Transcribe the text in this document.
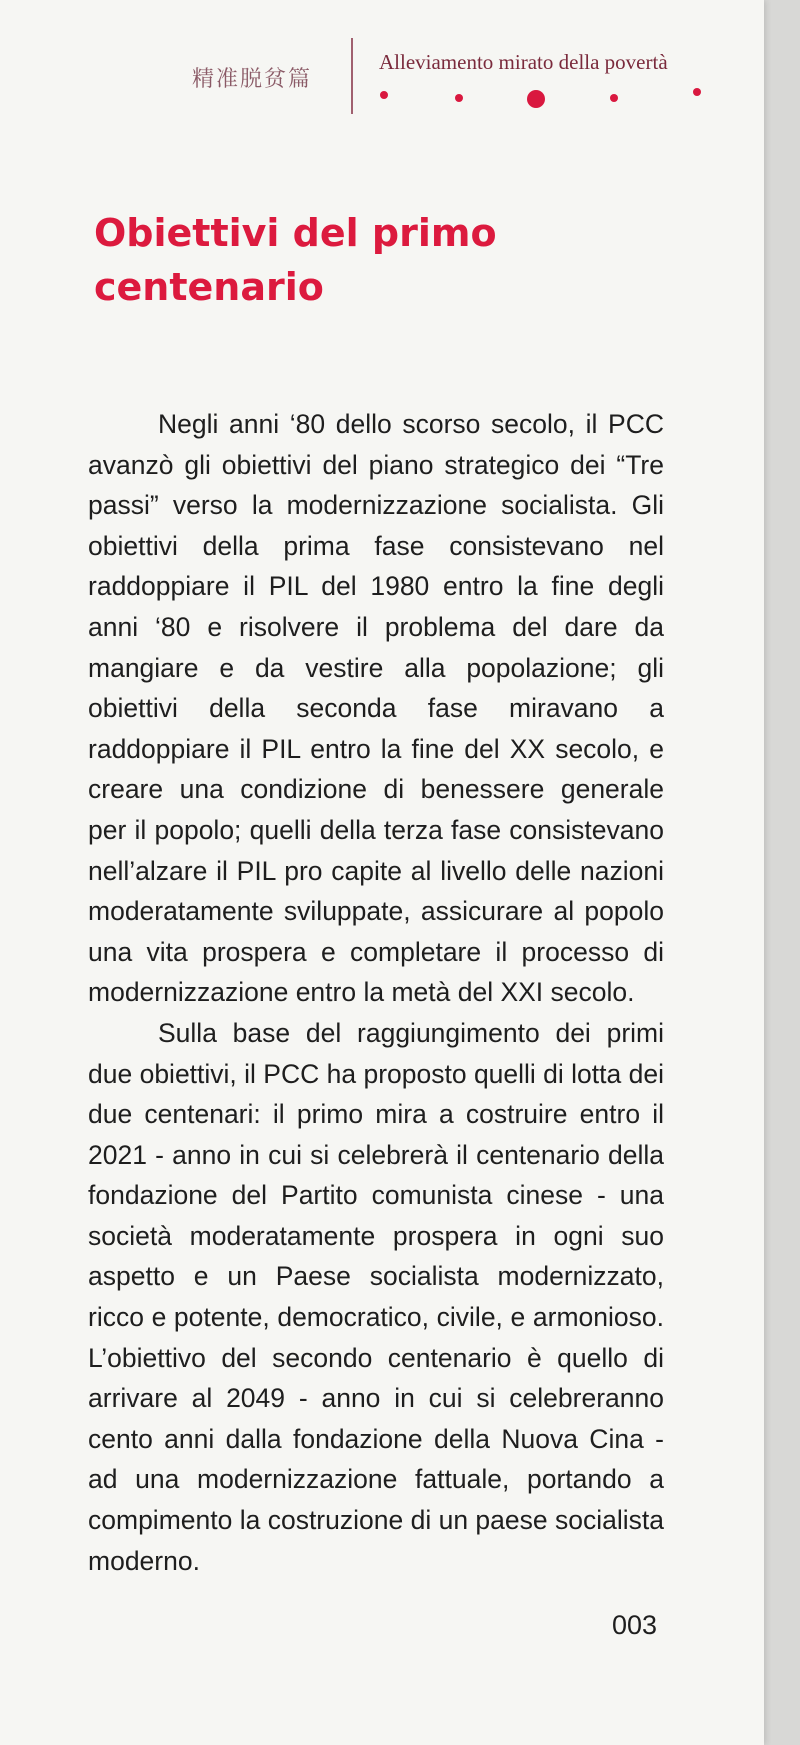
精准脱贫篇
Alleviamento mirato della povertà
Obiettivi del primo centenario

Negli anni ‘80 dello scorso secolo, il PCC avanzò gli obiettivi del piano strategico dei “Tre passi” verso la modernizzazione socialista. Gli obiettivi della prima fase consistevano nel raddoppiare il PIL del 1980 entro la fine degli anni ‘80 e risolvere il problema del dare da mangiare e da vestire alla popolazione; gli obiettivi della seconda fase miravano a raddoppiare il PIL entro la fine del XX secolo, e creare una condizione di benessere generale per il popolo; quelli della terza fase consistevano nell’alzare il PIL pro capite al livello delle nazioni moderatamente sviluppate, assicurare al popolo una vita prospera e completare il processo di modernizzazione entro la metà del XXI secolo.

Sulla base del raggiungimento dei primi due obiettivi, il PCC ha proposto quelli di lotta dei due centenari: il primo mira a costruire entro il 2021 - anno in cui si celebrerà il centenario della fondazione del Partito comunista cinese - una società moderatamente prospera in ogni suo aspetto e un Paese socialista modernizzato, ricco e potente, democratico, civile, e armonioso. L’obiettivo del secondo centenario è quello di arrivare al 2049 - anno in cui si celebreranno cento anni dalla fondazione della Nuova Cina - ad una modernizzazione fattuale, portando a compimento la costruzione di un paese socialista moderno.

003
